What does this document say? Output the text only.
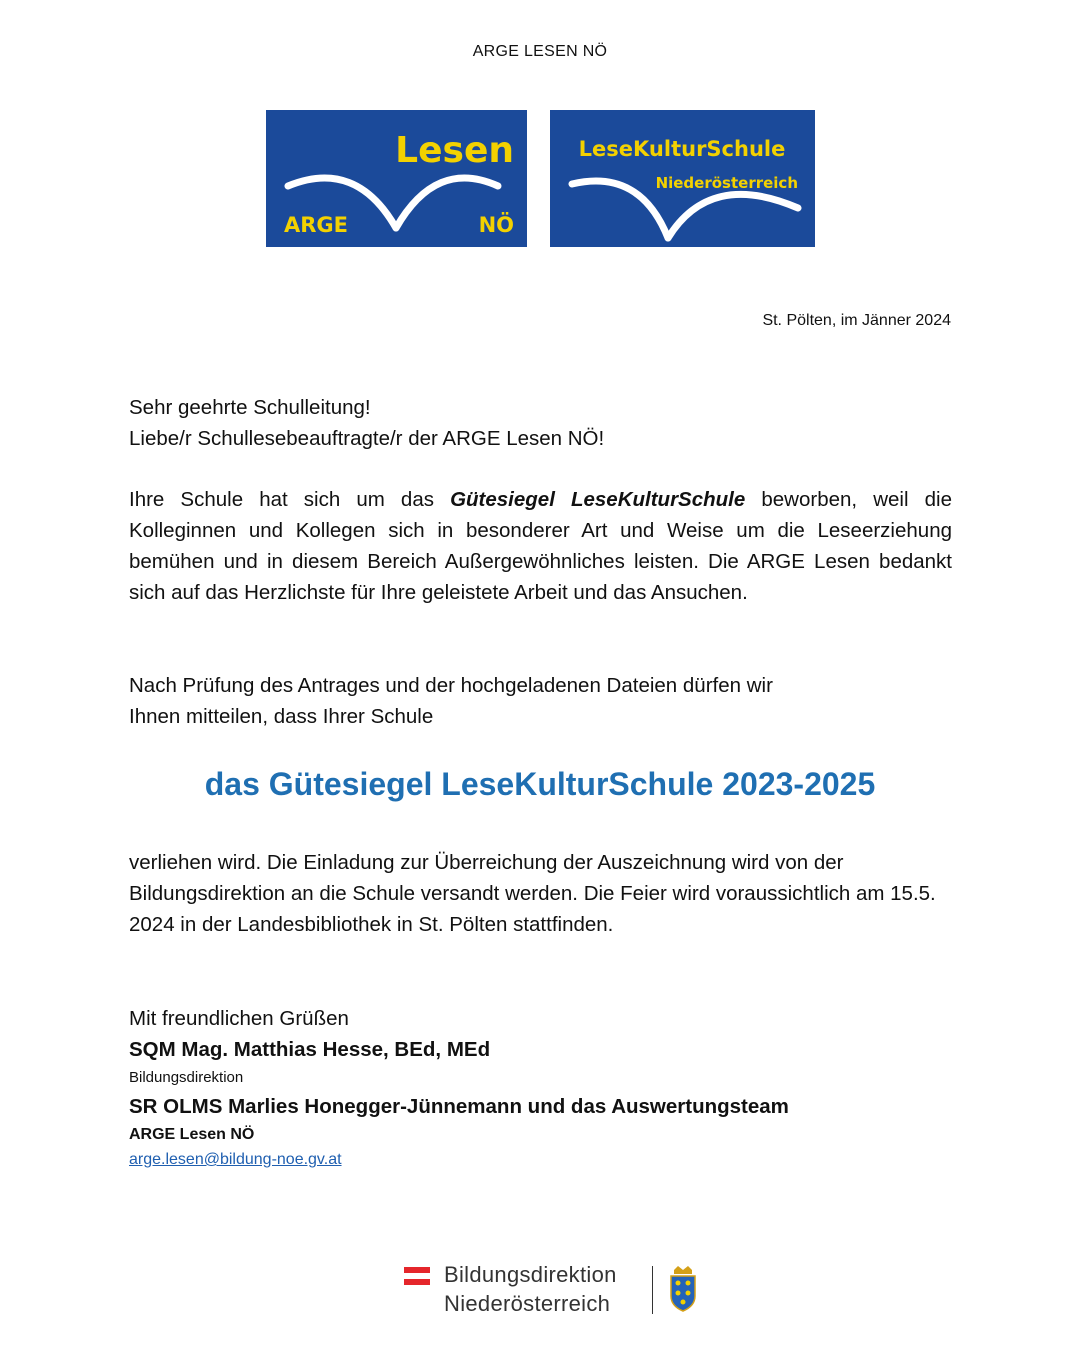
ARGE LESEN NÖ
Lesen
ARGE	NÖ
LeseKulturSchule
Niederösterreich
St. Pölten, im Jänner 2024
Sehr geehrte Schulleitung!
Liebe/r Schullesebeauftragte/r der ARGE Lesen NÖ!
Ihre Schule hat sich um das Gütesiegel LeseKulturSchule beworben, weil die Kolleginnen und Kollegen sich in besonderer Art und Weise um die Leseerziehung bemühen und in diesem Bereich Außergewöhnliches leisten. Die ARGE Lesen bedankt sich auf das Herzlichste für Ihre geleistete Arbeit und das Ansuchen.
Nach Prüfung des Antrages und der hochgeladenen Dateien dürfen wir
Ihnen mitteilen, dass Ihrer Schule
das Gütesiegel LeseKulturSchule 2023-2025
verliehen wird. Die Einladung zur Überreichung der Auszeichnung wird von der Bildungsdirektion an die Schule versandt werden. Die Feier wird voraussichtlich am 15.5. 2024 in der Landesbibliothek in St. Pölten stattfinden.
Mit freundlichen Grüßen
SQM Mag. Matthias Hesse, BEd, MEd
Bildungsdirektion
SR OLMS Marlies Honegger-Jünnemann und das Auswertungsteam
ARGE Lesen NÖ
arge.lesen@bildung-noe.gv.at
Bildungsdirektion
Niederösterreich
